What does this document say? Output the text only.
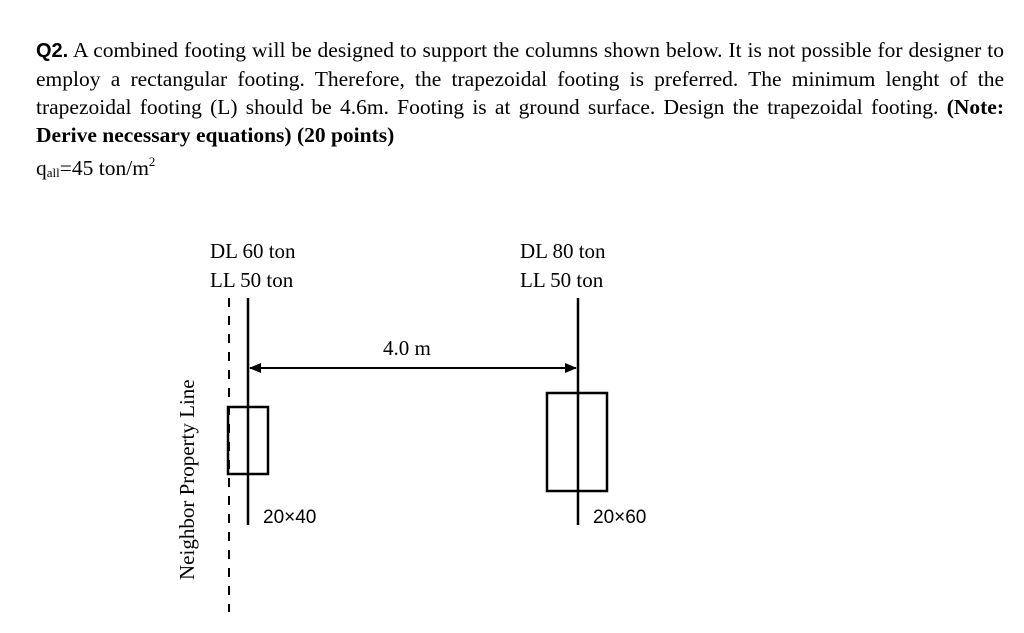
Q2. A combined footing will be designed to support the columns shown below. It is not possible for designer to employ a rectangular footing. Therefore, the trapezoidal footing is preferred. The minimum lenght of the trapezoidal footing (L) should be 4.6m. Footing is at ground surface. Design the trapezoidal footing. (Note: Derive necessary equations) (20 points)
$q_{all}=45$ ton/$m^2$
Neighbor Property Line
DL 60 ton
LL 50 ton
DL 80 ton
LL 50 ton
4.0 m
20×40	20×60
